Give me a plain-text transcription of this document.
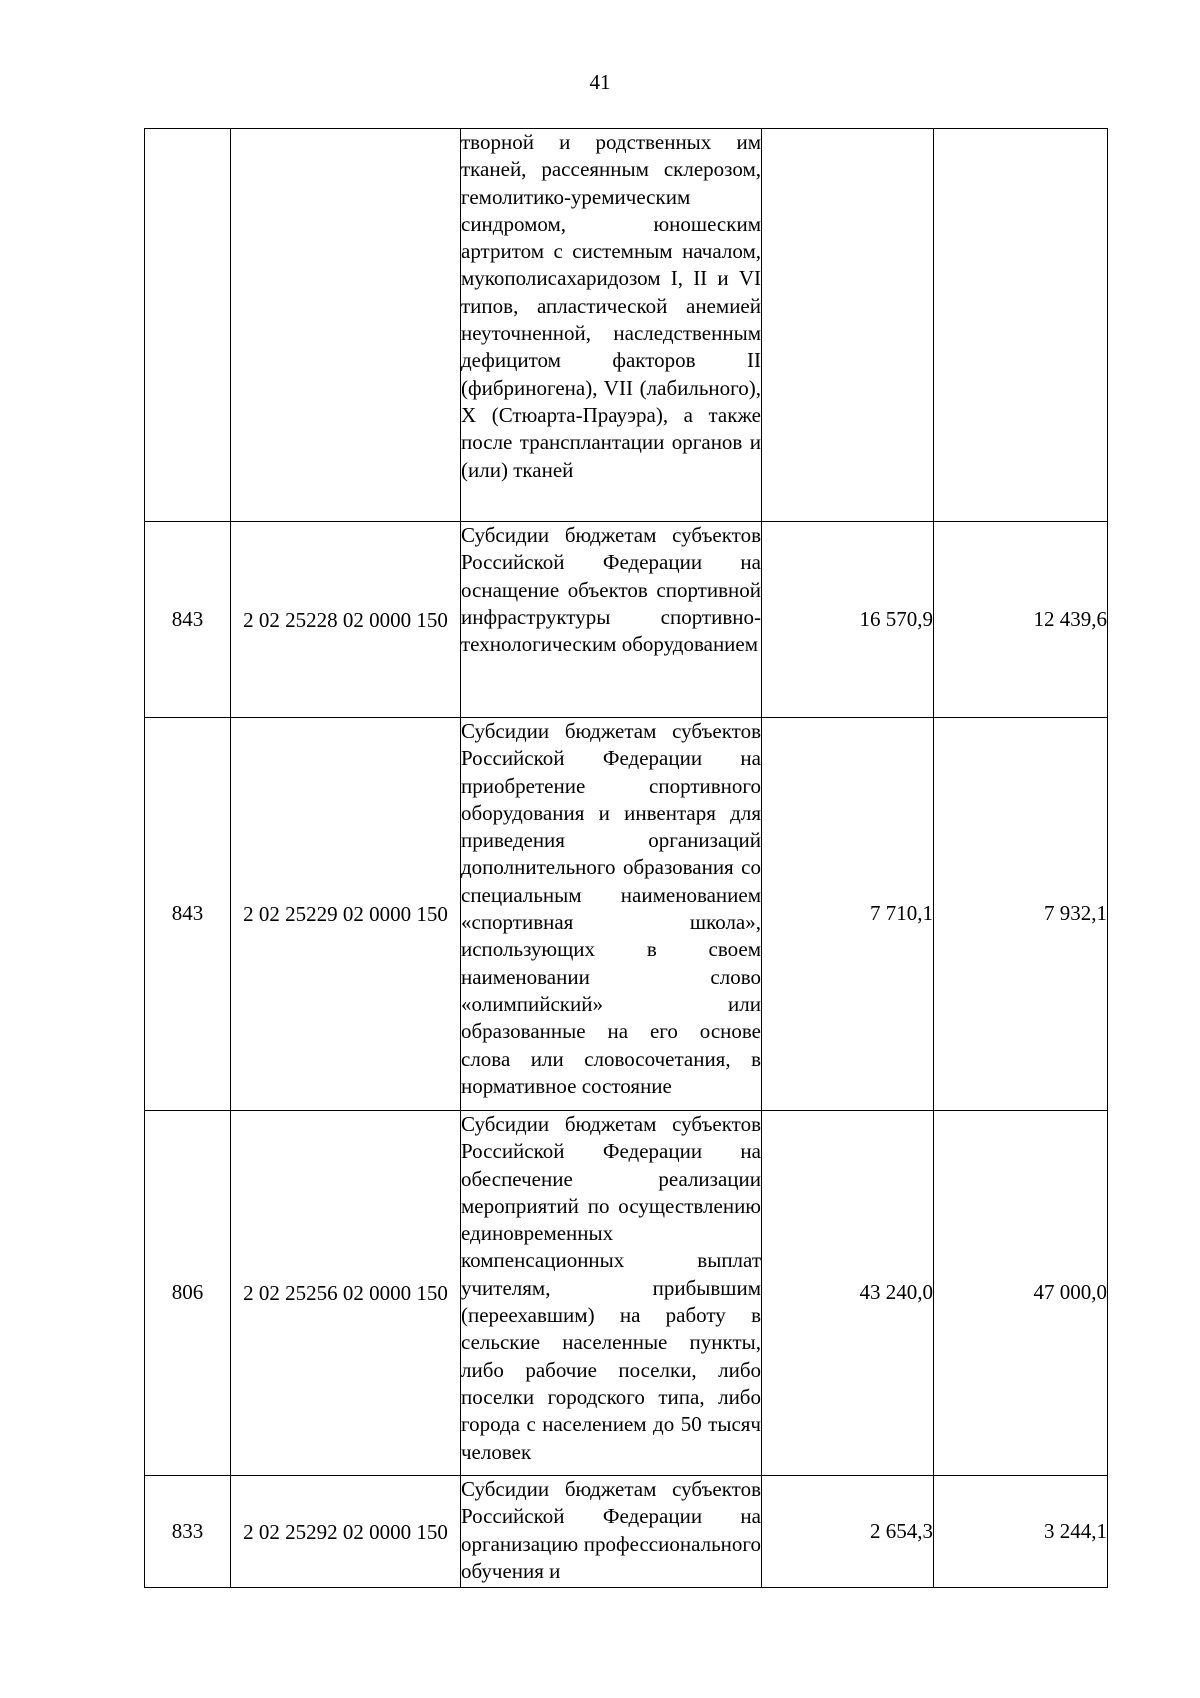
41

		творной и родственных им тканей, рассеянным склерозом, гемолитико-уремическим синдромом, юношеским артритом с системным началом, мукополисахаридозом I, II и VI типов, апластической анемией неуточненной, наследственным дефицитом факторов II (фибриногена), VII (лабильного), X (Стюарта-Прауэра), а также после трансплантации органов и (или) тканей		

843	2 02 25228 02 0000 150	Субсидии бюджетам субъектов Российской Федерации на оснащение объектов спортивной инфраструктуры спортивно-технологическим оборудованием	16 570,9	12 439,6
843	2 02 25229 02 0000 150	Субсидии бюджетам субъектов Российской Федерации на приобретение спортивного оборудования и инвентаря для приведения организаций дополнительного образования со специальным наименованием «спортивная школа», использующих в своем наименовании слово «олимпийский» или образованные на его основе слова или словосочетания, в нормативное состояние	7 710,1	7 932,1
806	2 02 25256 02 0000 150	Субсидии бюджетам субъектов Российской Федерации на обеспечение реализации мероприятий по осуществлению единовременных компенсационных выплат учителям, прибывшим (переехавшим) на работу в сельские населенные пункты, либо рабочие поселки, либо поселки городского типа, либо города с населением до 50 тысяч человек	43 240,0	47 000,0
833	2 02 25292 02 0000 150	Субсидии бюджетам субъектов Российской Федерации на организацию профессионального обучения и	2 654,3	3 244,1
